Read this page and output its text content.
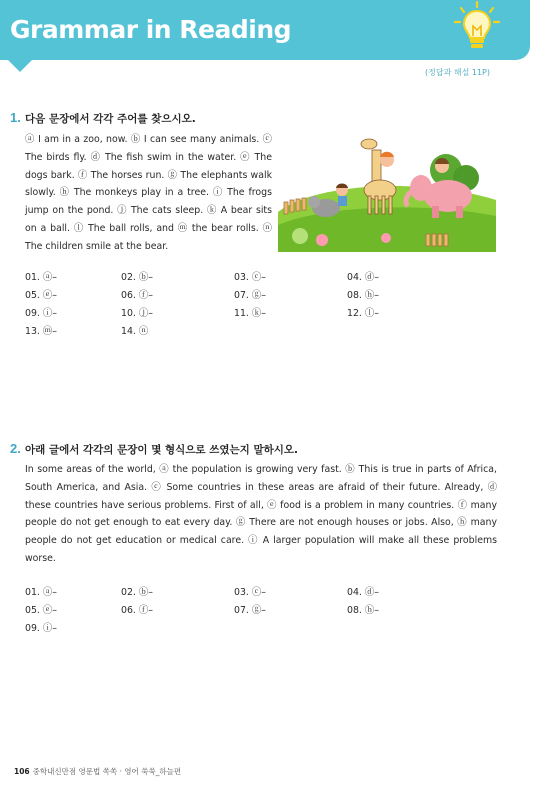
Grammar in Reading
(정답과 해설 11P)
1. 다음 문장에서 각각 주어를 찾으시오.

ⓐ I am in a zoo, now. ⓑ I can see many animals. ⓒ The birds fly. ⓓ The fish swim in the water. ⓔ The dogs bark. ⓕ The horses run. ⓖ The elephants walk slowly. ⓗ The monkeys play in a tree. ⓘ The frogs jump on the pond. ⓙ The cats sleep. ⓚ A bear sits on a ball. ⓛ The ball rolls, and ⓜ the bear rolls. ⓝ The children smile at the bear.

01. ⓐ–	02. ⓑ–	03. ⓒ–	04. ⓓ–
05. ⓔ–	06. ⓕ–	07. ⓖ–	08. ⓗ–
09. ⓘ–	10. ⓙ–	11. ⓚ–	12. ⓛ–
13. ⓜ–	14. ⓝ
2. 아래 글에서 각각의 문장이 몇 형식으로 쓰였는지 말하시오.

In some areas of the world, ⓐ the population is growing very fast. ⓑ This is true in parts of Africa, South America, and Asia. ⓒ Some countries in these areas are afraid of their future. Already, ⓓ these countries have serious problems. First of all, ⓔ food is a problem in many countries. ⓕ many people do not get enough to eat every day. ⓖ There are not enough houses or jobs. Also, ⓗ many people do not get education or medical care. ⓘ A larger population will make all these problems worse.

01. ⓐ–	02. ⓑ–	03. ⓒ–	04. ⓓ–
05. ⓔ–	06. ⓕ–	07. ⓖ–	08. ⓗ–
09. ⓘ–
106 중학내신만점 영문법 쏙쏙 · 영어 쑥쑥_하늘편
